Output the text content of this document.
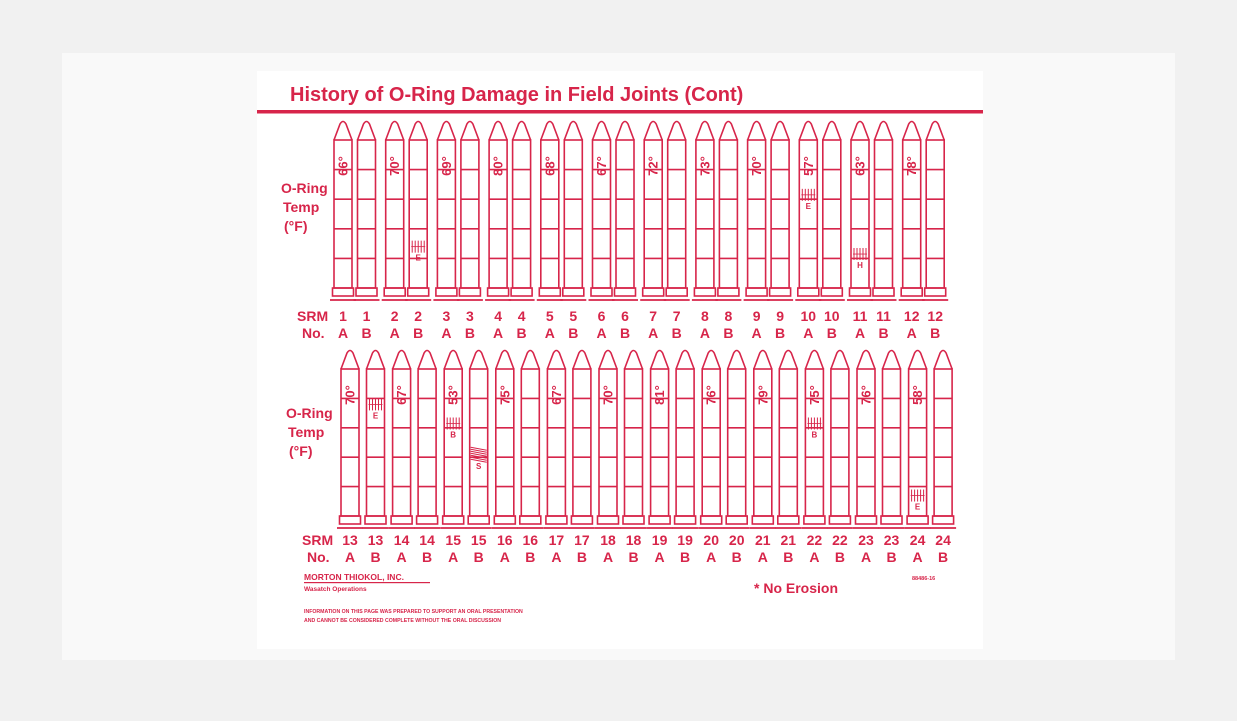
History of O-Ring Damage in Field Joints (Cont)
O-Ring
Temp
(°F)
O-Ring
Temp
(°F)
SRM
No.
SRM
No.
66°
1
A
1
B
70°
E
2
A
2
B
69°
3
A
3
B
80°
4
A
4
B
68°
5
A
5
B
67°
6
A
6
B
72°
7
A
7
B
73°
8
A
8
B
70°
9
A
9
B
57°
E
10
A
10
B
63°
H
11
A
11
B
78°
12
A
12
B
70°
E
13
A
13
B
67°
14
A
14
B
53°
B
S
15
A
15
B
75°
16
A
16
B
67°
17
A
17
B
70°
18
A
18
B
81°
19
A
19
B
76°
20
A
20
B
79°
21
A
21
B
75°
B
22
A
22
B
76°
23
A
23
B
58°
E
24
A
24
B
MORTON THIOKOL, INC.
Wasatch Operations
INFORMATION ON THIS PAGE WAS PREPARED TO SUPPORT AN ORAL PRESENTATION
AND CANNOT BE CONSIDERED COMPLETE WITHOUT THE ORAL DISCUSSION
* No Erosion
88486-16
